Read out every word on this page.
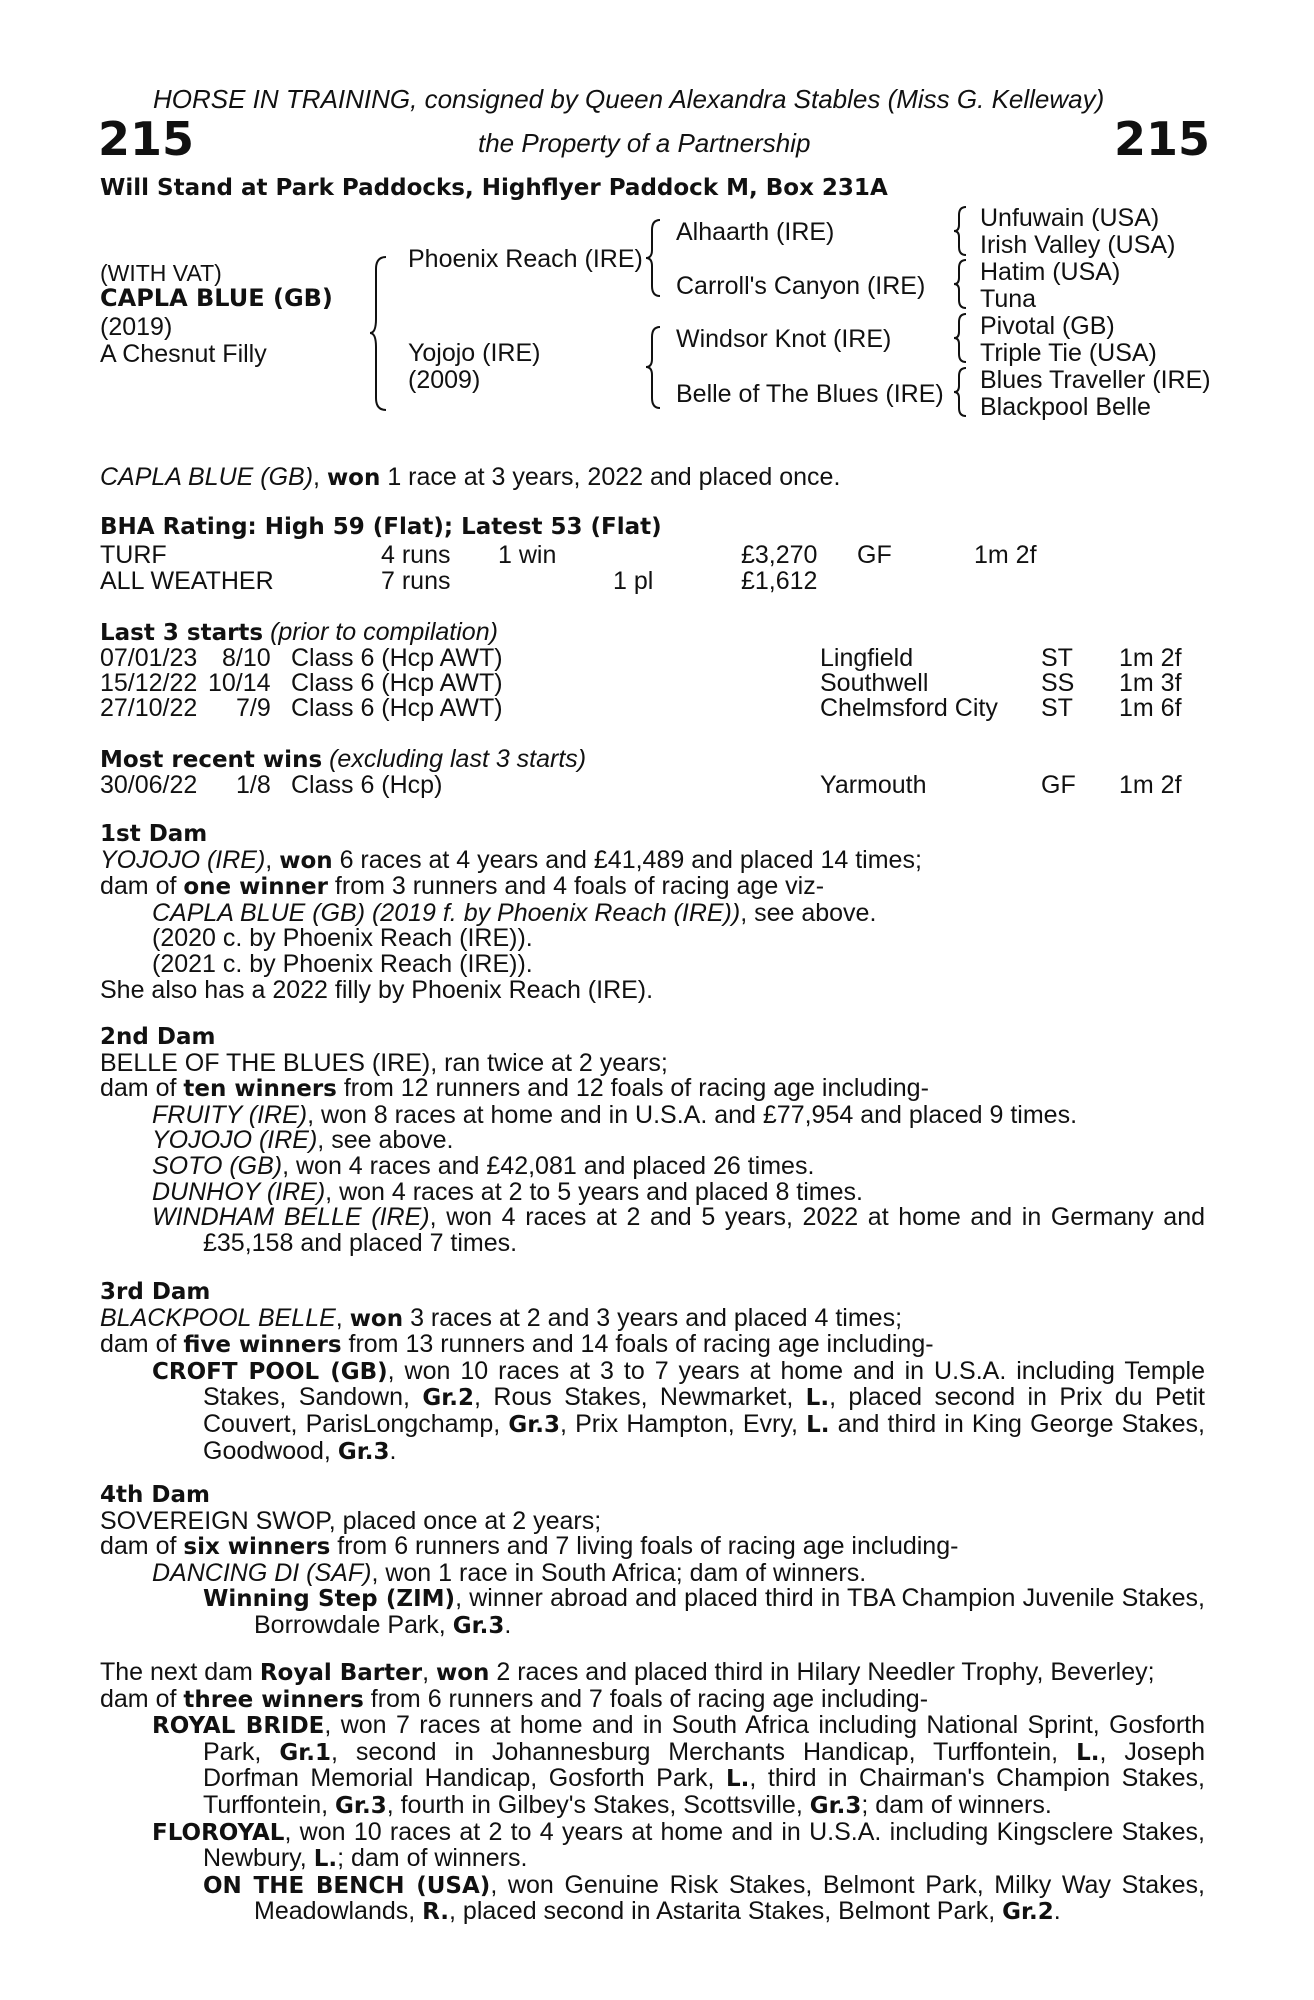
HORSE IN TRAINING, consigned by Queen Alexandra Stables (Miss G. Kelleway)
215	the Property of a Partnership	215
Will Stand at Park Paddocks, Highflyer Paddock M, Box 231A
(WITH VAT)
CAPLA BLUE (GB)
(2019)
A Chesnut Filly
Phoenix Reach (IRE)
Yojojo (IRE)
(2009)
Alhaarth (IRE)
Carroll's Canyon (IRE)
Windsor Knot (IRE)
Belle of The Blues (IRE)
Unfuwain (USA)
Irish Valley (USA)
Hatim (USA)
Tuna
Pivotal (GB)
Triple Tie (USA)
Blues Traveller (IRE)
Blackpool Belle
CAPLA BLUE (GB), won 1 race at 3 years, 2022 and placed once.
BHA Rating: High 59 (Flat); Latest 53 (Flat)
TURF	4 runs 1 win	£3,270 GF	1m 2f
ALL WEATHER	7 runs	1 pl	£1,612
Last 3 starts (prior to compilation)
07/01/23 8/10 Class 6 (Hcp AWT)	Lingfield	ST 1m 2f
15/12/22 10/14 Class 6 (Hcp AWT)	Southwell	SS 1m 3f
27/10/22 7/9 Class 6 (Hcp AWT)	Chelmsford City ST 1m 6f
Most recent wins (excluding last 3 starts)
30/06/22 1/8 Class 6 (Hcp)	Yarmouth	GF 1m 2f

1st Dam

YOJOJO (IRE), won 6 races at 4 years and £41,489 and placed 14 times;

dam of one winner from 3 runners and 4 foals of racing age viz-

CAPLA BLUE (GB) (2019 f. by Phoenix Reach (IRE)), see above.

(2020 c. by Phoenix Reach (IRE)).

(2021 c. by Phoenix Reach (IRE)).

She also has a 2022 filly by Phoenix Reach (IRE).

2nd Dam

BELLE OF THE BLUES (IRE), ran twice at 2 years;

dam of ten winners from 12 runners and 12 foals of racing age including-

FRUITY (IRE), won 8 races at home and in U.S.A. and £77,954 and placed 9 times.

YOJOJO (IRE), see above.

SOTO (GB), won 4 races and £42,081 and placed 26 times.

DUNHOY (IRE), won 4 races at 2 to 5 years and placed 8 times.

WINDHAM BELLE (IRE), won 4 races at 2 and 5 years, 2022 at home and in Germany and £35,158 and placed 7 times.

3rd Dam

BLACKPOOL BELLE, won 3 races at 2 and 3 years and placed 4 times;

dam of five winners from 13 runners and 14 foals of racing age including-

CROFT POOL (GB), won 10 races at 3 to 7 years at home and in U.S.A. including Temple Stakes, Sandown, Gr.2, Rous Stakes, Newmarket, L., placed second in Prix du Petit Couvert, ParisLongchamp, Gr.3, Prix Hampton, Evry, L. and third in King George Stakes, Goodwood, Gr.3.

4th Dam

SOVEREIGN SWOP, placed once at 2 years;

dam of six winners from 6 runners and 7 living foals of racing age including-

DANCING DI (SAF), won 1 race in South Africa; dam of winners.

Winning Step (ZIM), winner abroad and placed third in TBA Champion Juvenile Stakes, Borrowdale Park, Gr.3.

The next dam Royal Barter, won 2 races and placed third in Hilary Needler Trophy, Beverley;

dam of three winners from 6 runners and 7 foals of racing age including-

ROYAL BRIDE, won 7 races at home and in South Africa including National Sprint, Gosforth Park, Gr.1, second in Johannesburg Merchants Handicap, Turffontein, L., Joseph Dorfman Memorial Handicap, Gosforth Park, L., third in Chairman's Champion Stakes, Turffontein, Gr.3, fourth in Gilbey's Stakes, Scottsville, Gr.3; dam of winners.

FLOROYAL, won 10 races at 2 to 4 years at home and in U.S.A. including Kingsclere Stakes, Newbury, L.; dam of winners.

ON THE BENCH (USA), won Genuine Risk Stakes, Belmont Park, Milky Way Stakes, Meadowlands, R., placed second in Astarita Stakes, Belmont Park, Gr.2.
